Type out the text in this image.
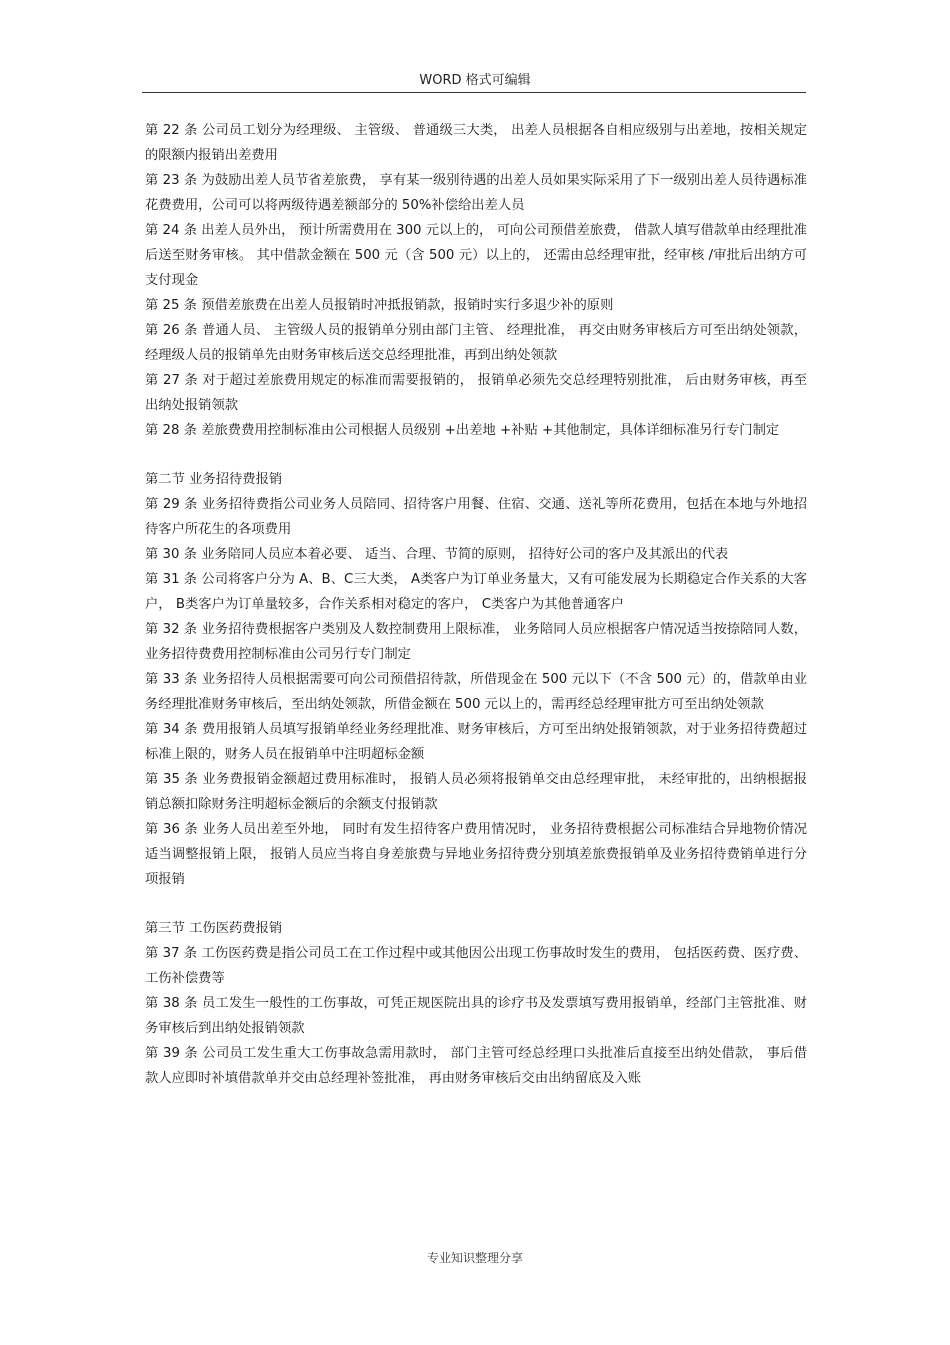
WORD 格式可编辑

第 22 条 公司员工划分为经理级、 主管级、 普通级三大类， 出差人员根据各自相应级别与出差地，按相关规定的限额内报销出差费用

第 23 条 为鼓励出差人员节省差旅费， 享有某一级别待遇的出差人员如果实际采用了下一级别出差人员待遇标准花费费用，公司可以将两级待遇差额部分的 50%补偿给出差人员

第 24 条 出差人员外出， 预计所需费用在 300 元以上的， 可向公司预借差旅费， 借款人填写借款单由经理批准后送至财务审核。 其中借款金额在 500 元（含 500 元）以上的， 还需由总经理审批，经审核 /审批后出纳方可支付现金

第 25 条 预借差旅费在出差人员报销时冲抵报销款，报销时实行多退少补的原则

第 26 条 普通人员、 主管级人员的报销单分别由部门主管、 经理批准， 再交由财务审核后方可至出纳处领款，经理级人员的报销单先由财务审核后送交总经理批准，再到出纳处领款

第 27 条 对于超过差旅费用规定的标准而需要报销的， 报销单必须先交总经理特别批准， 后由财务审核，再至出纳处报销领款

第 28 条 差旅费费用控制标准由公司根据人员级别 +出差地 +补贴 +其他制定，具体详细标准另行专门制定

第二节 业务招待费报销

第 29 条 业务招待费指公司业务人员陪同、招待客户用餐、住宿、交通、送礼等所花费用，包括在本地与外地招待客户所花生的各项费用

第 30 条 业务陪同人员应本着必要、 适当、合理、节简的原则， 招待好公司的客户及其派出的代表

第 31 条 公司将客户分为 A、B、C三大类， A类客户为订单业务量大，又有可能发展为长期稳定合作关系的大客户， B类客户为订单量较多，合作关系相对稳定的客户， C类客户为其他普通客户

第 32 条 业务招待费根据客户类别及人数控制费用上限标准， 业务陪同人员应根据客户情况适当按捺陪同人数，业务招待费费用控制标准由公司另行专门制定

第 33 条 业务招待人员根据需要可向公司预借招待款，所借现金在 500 元以下（不含 500 元）的，借款单由业务经理批准财务审核后，至出纳处领款，所借金额在 500 元以上的，需再经总经理审批方可至出纳处领款

第 34 条 费用报销人员填写报销单经业务经理批准、财务审核后，方可至出纳处报销领款，对于业务招待费超过标准上限的，财务人员在报销单中注明超标金额

第 35 条 业务费报销金额超过费用标准时， 报销人员必须将报销单交由总经理审批， 未经审批的，出纳根据报销总额扣除财务注明超标金额后的余额支付报销款

第 36 条 业务人员出差至外地， 同时有发生招待客户费用情况时， 业务招待费根据公司标准结合异地物价情况适当调整报销上限， 报销人员应当将自身差旅费与异地业务招待费分别填差旅费报销单及业务招待费销单进行分项报销

第三节 工伤医药费报销

第 37 条 工伤医药费是指公司员工在工作过程中或其他因公出现工伤事故时发生的费用， 包括医药费、医疗费、工伤补偿费等

第 38 条 员工发生一般性的工伤事故，可凭正规医院出具的诊疗书及发票填写费用报销单，经部门主管批准、财务审核后到出纳处报销领款

第 39 条 公司员工发生重大工伤事故急需用款时， 部门主管可经总经理口头批准后直接至出纳处借款， 事后借款人应即时补填借款单并交由总经理补签批准， 再由财务审核后交由出纳留底及入账

专业知识整理分享
